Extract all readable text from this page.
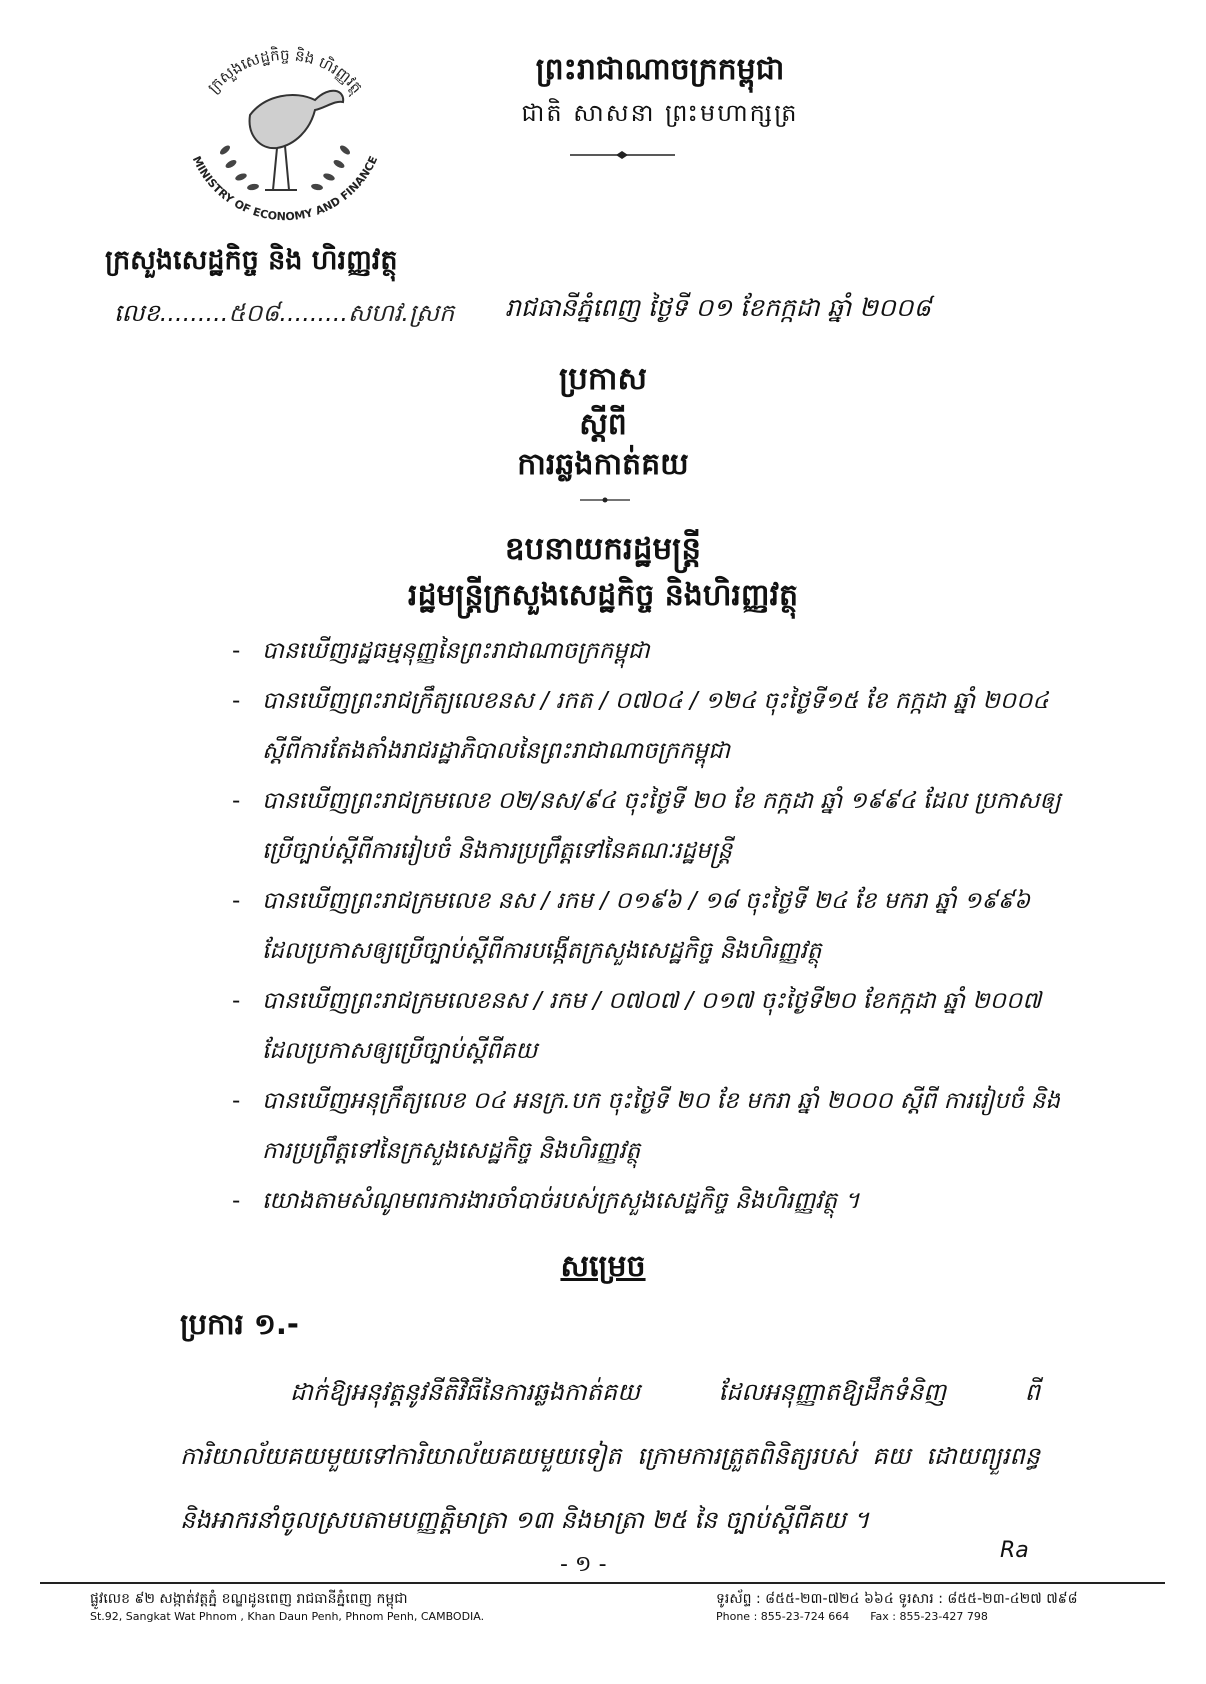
ក្រសួងសេដ្ឋកិច្ច និង ហិរញ្ញវត្ថុ
MINISTRY OF ECONOMY AND FINANCE
ក្រសួងសេដ្ឋកិច្ច និង ហិរញ្ញវត្ថុ
លេខ.........៥០៨.........សហវ.ស្រក
ព្រះរាជាណាចក្រកម្ពុជា
ជាតិ សាសនា ព្រះមហាក្សត្រ
រាជធានីភ្នំពេញ ថ្ងៃទី ០១ ខែកក្កដា ឆ្នាំ ២០០៨
ប្រកាស
ស្តីពី
ការឆ្លងកាត់គយ
ឧបនាយករដ្ឋមន្ត្រី
រដ្ឋមន្ត្រីក្រសួងសេដ្ឋកិច្ច និងហិរញ្ញវត្ថុ
- បានឃើញរដ្ឋធម្មនុញ្ញនៃព្រះរាជាណាចក្រកម្ពុជា
- បានឃើញព្រះរាជក្រឹត្យលេខនស / រកត / ០៧០៤ / ១២៤ ចុះថ្ងៃទី១៥ ខែ កក្កដា ឆ្នាំ ២០០៤ ស្តីពីការតែងតាំងរាជរដ្ឋាភិបាលនៃព្រះរាជាណាចក្រកម្ពុជា
- បានឃើញព្រះរាជក្រមលេខ ០២/នស/៩៤ ចុះថ្ងៃទី ២០ ខែ កក្កដា ឆ្នាំ ១៩៩៤ ដែល ប្រកាសឲ្យប្រើច្បាប់ស្តីពីការរៀបចំ និងការប្រព្រឹត្តទៅនៃគណៈរដ្ឋមន្ត្រី
- បានឃើញព្រះរាជក្រមលេខ នស / រកម / ០១៩៦ / ១៨ ចុះថ្ងៃទី ២៤ ខែ មករា ឆ្នាំ ១៩៩៦ ដែលប្រកាសឲ្យប្រើច្បាប់ស្តីពីការបង្កើតក្រសួងសេដ្ឋកិច្ច និងហិរញ្ញវត្ថុ
- បានឃើញព្រះរាជក្រមលេខនស / រកម / ០៧០៧ / ០១៧ ចុះថ្ងៃទី២០ ខែកក្កដា ឆ្នាំ ២០០៧ ដែលប្រកាសឲ្យប្រើច្បាប់ស្តីពីគយ
- បានឃើញអនុក្រឹត្យលេខ ០៤ អនក្រ.បក ចុះថ្ងៃទី ២០ ខែ មករា ឆ្នាំ ២០០០ ស្តីពី ការរៀបចំ និងការប្រព្រឹត្តទៅនៃក្រសួងសេដ្ឋកិច្ច និងហិរញ្ញវត្ថុ
- យោងតាមសំណូមពរការងារចាំបាច់របស់ក្រសួងសេដ្ឋកិច្ច និងហិរញ្ញវត្ថុ ។
សម្រេច
ប្រការ ១.-
ដាក់ឱ្យអនុវត្តនូវនីតិវិធីនៃការឆ្លងកាត់គយ ដែលអនុញ្ញាតឱ្យដឹកទំនិញ ពីការិយាល័យគយមួយទៅការិយាល័យគយមួយទៀត ក្រោមការត្រួតពិនិត្យរបស់ គយ ដោយព្យួរពន្ធ និងអាករនាំចូលស្របតាមបញ្ញត្តិមាត្រា ១៣ និងមាត្រា ២៥ នៃ ច្បាប់ស្តីពីគយ ។
- ១ -
Ra
ផ្លូវលេខ ៩២ សង្កាត់វត្តភ្នំ ខណ្ឌដូនពេញ រាជធានីភ្នំពេញ កម្ពុជា
St.92, Sangkat Wat Phnom , Khan Daun Penh, Phnom Penh, CAMBODIA.
ទូរស័ព្ទ : ៨៥៥-២៣-៧២៤ ៦៦៤ ទូរសារ : ៨៥៥-២៣-៤២៧ ៧៩៨
Phone : 855-23-724 664 Fax : 855-23-427 798
